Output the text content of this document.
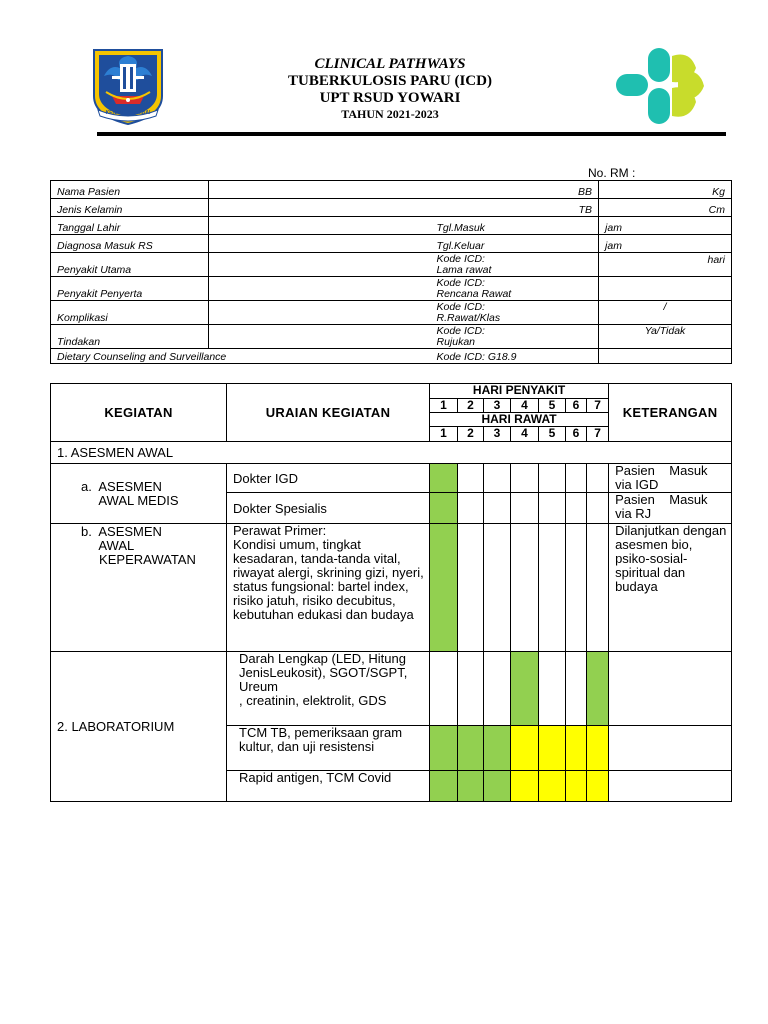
KENAMBAI UMBAI
CLINICAL PATHWAYS
TUBERKULOSIS PARU (ICD)
UPT RSUD YOWARI
TAHUN 2021-2023
No. RM :
Nama Pasien	BB		Kg
Jenis Kelamin	TB		Cm
Tanggal Lahir		Tgl.Masuk	jam
Diagnosa Masuk RS		Tgl.Keluar	jam
Penyakit Utama		Kode ICD:
Lama rawat	hari
Penyakit Penyerta		Kode ICD:
Rencana Rawat	

Komplikasi		Kode ICD:
R.Rawat/Klas	/
Tindakan		Kode ICD:
Rujukan	Ya/Tidak
Dietary Counseling and Surveillance		Kode ICD: G18.9	
KEGIATAN	URAIAN KEGIATAN	HARI PENYAKIT							KETERANGAN
		1	2	3	4	5	6	7	
		HARI RAWAT							
		1	2	3	4	5	6	7	
1. ASESMEN AWAL									
a.  ASESMEN
AWAL MEDIS	Dokter IGD								Pasien    Masuk
via IGD
	Dokter Spesialis								Pasien    Masuk
via RJ
b.  ASESMEN
AWAL
KEPERAWATAN	Perawat Primer:
Kondisi umum, tingkat kesadaran, tanda-tanda vital, riwayat alergi, skrining gizi, nyeri, status fungsional: bartel index, risiko jatuh, risiko decubitus, kebutuhan edukasi dan budaya								Dilanjutkan dengan asesmen bio, psiko-sosial-spiritual dan budaya
2. LABORATORIUM	Darah Lengkap (LED, Hitung JenisLeukosit), SGOT/SGPT, Ureum
, creatinin, elektrolit, GDS								
	TCM TB, pemeriksaan gram kultur, dan uji resistensi								
	Rapid antigen, TCM Covid								
